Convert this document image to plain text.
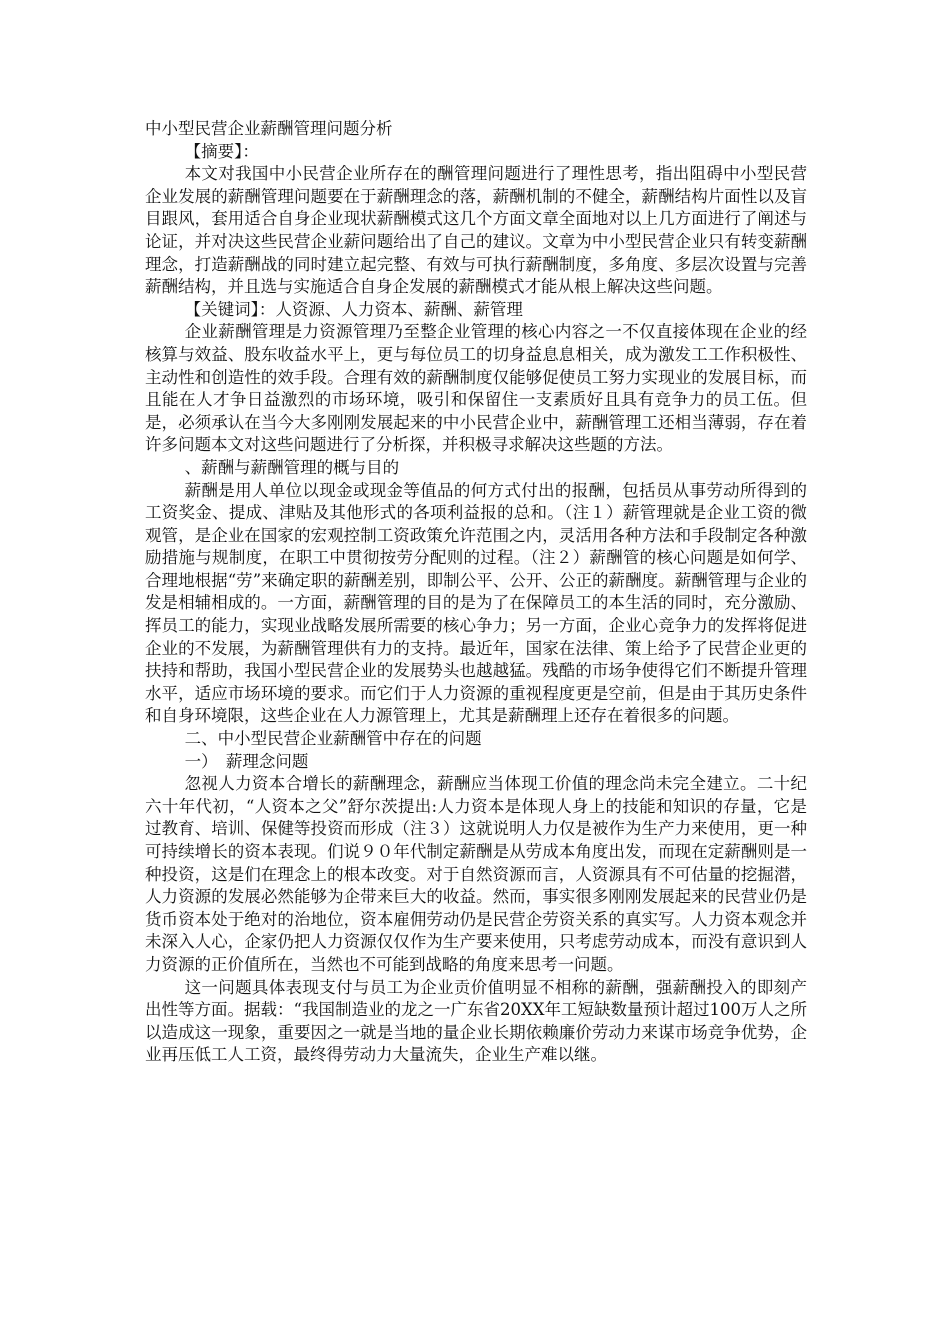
中小型民营企业薪酬管理问题分析

【摘要】：

本文对我国中小民营企业所存在的酬管理问题进行了理性思考，指出阻碍中小型民营企业发展的薪酬管理问题要在于薪酬理念的落，薪酬机制的不健全，薪酬结构片面性以及盲目跟风，套用适合自身企业现状薪酬模式这几个方面文章全面地对以上几方面进行了阐述与论证，并对决这些民营企业薪问题给出了自己的建议。文章为中小型民营企业只有转变薪酬理念，打造薪酬战的同时建立起完整、有效与可执行薪酬制度，多角度、多层次设置与完善薪酬结构，并且选与实施适合自身企发展的薪酬模式才能从根上解决这些问题。

【关键词】：人资源、人力资本、薪酬、薪管理

企业薪酬管理是力资源管理乃至整企业管理的核心内容之一不仅直接体现在企业的经核算与效益、股东收益水平上，更与每位员工的切身益息息相关，成为激发工工作积极性、主动性和创造性的效手段。合理有效的薪酬制度仅能够促使员工努力实现业的发展目标，而且能在人才争日益激烈的市场环境，吸引和保留住一支素质好且具有竞争力的员工伍。但是，必须承认在当今大多刚刚发展起来的中小民营企业中，薪酬管理工还相当薄弱，存在着许多问题本文对这些问题进行了分析探，并积极寻求解决这些题的方法。

、薪酬与薪酬管理的概与目的

薪酬是用人单位以现金或现金等值品的何方式付出的报酬，包括员从事劳动所得到的工资奖金、提成、津贴及其他形式的各项利益报的总和。（注１）薪管理就是企业工资的微观管，是企业在国家的宏观控制工资政策允许范围之内，灵活用各种方法和手段制定各种激励措施与规制度，在职工中贯彻按劳分配则的过程。（注２）薪酬管的核心问题是如何学、合理地根据“劳”来确定职的薪酬差别，即制公平、公开、公正的薪酬度。薪酬管理与企业的发是相辅相成的。一方面，薪酬管理的目的是为了在保障员工的本生活的同时，充分激励、挥员工的能力，实现业战略发展所需要的核心争力；另一方面，企业心竞争力的发挥将促进企业的不发展，为薪酬管理供有力的支持。最近年，国家在法律、策上给予了民营企业更的扶持和帮助，我国小型民营企业的发展势头也越越猛。残酷的市场争使得它们不断提升管理水平，适应市场环境的要求。而它们于人力资源的重视程度更是空前，但是由于其历史条件和自身环境限，这些企业在人力源管理上，尤其是薪酬理上还存在着很多的问题。

二、中小型民营企业薪酬管中存在的问题

一）　薪理念问题

忽视人力资本合增长的薪酬理念，薪酬应当体现工价值的理念尚未完全建立。二十纪六十年代初，“人资本之父”舒尔茨提出:人力资本是体现人身上的技能和知识的存量，它是过教育、培训、保健等投资而形成（注３）这就说明人力仅是被作为生产力来使用，更一种可持续增长的资本表现。们说９０年代制定薪酬是从劳成本角度出发，而现在定薪酬则是一种投资，这是们在理念上的根本改变。对于自然资源而言，人资源具有不可估量的挖掘潜，人力资源的发展必然能够为企带来巨大的收益。然而，事实很多刚刚发展起来的民营业仍是货币资本处于绝对的治地位，资本雇佣劳动仍是民营企劳资关系的真实写。人力资本观念并未深入人心，企家仍把人力资源仅仅作为生产要来使用，只考虑劳动成本，而没有意识到人力资源的正价值所在，当然也不可能到战略的角度来思考一问题。

这一问题具体表现支付与员工为企业贡价值明显不相称的薪酬，强薪酬投入的即刻产出性等方面。据载：“我国制造业的龙之一广东省20XX年工短缺数量预计超过100万人之所以造成这一现象，重要因之一就是当地的量企业长期依赖廉价劳动力来谋市场竞争优势，企业再压低工人工资，最终得劳动力大量流失，企业生产难以继。
